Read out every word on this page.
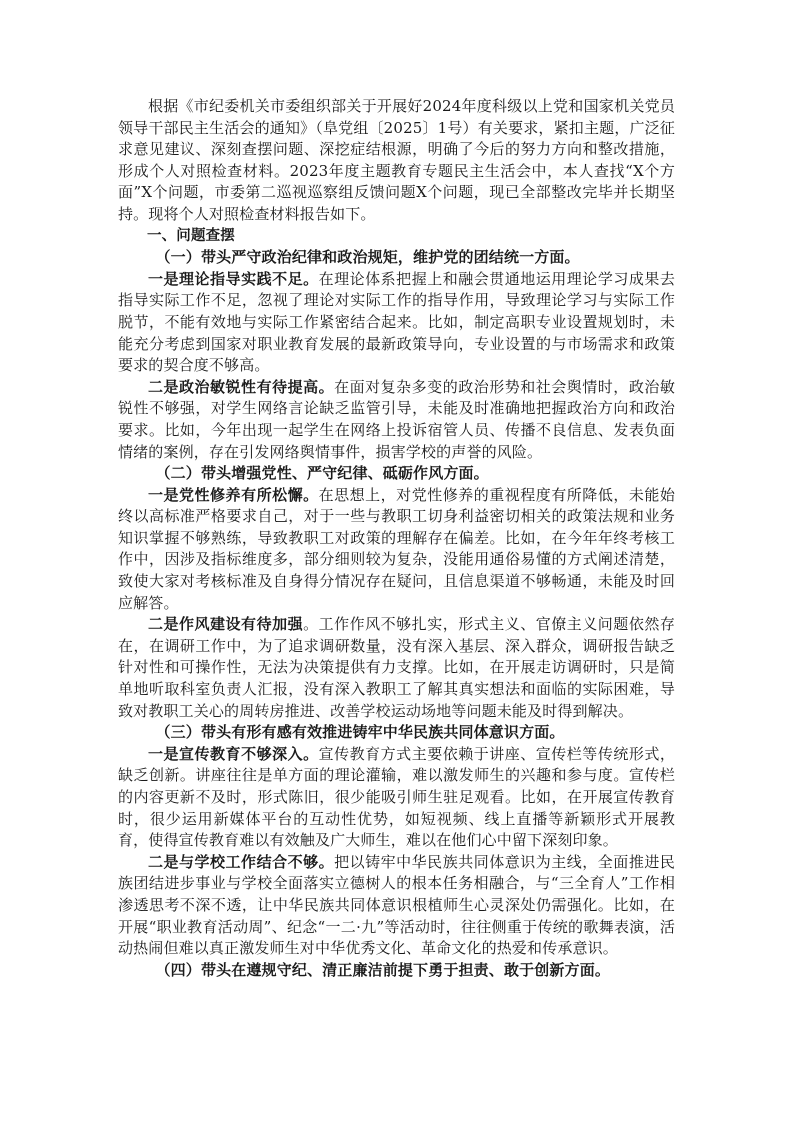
根据《市纪委机关市委组织部关于开展好2024年度科级以上党和国家机关党员领导干部民主生活会的通知》（阜党组〔2025〕1号）有关要求，紧扣主题，广泛征求意见建议、深刻查摆问题、深挖症结根源，明确了今后的努力方向和整改措施，形成个人对照检查材料。2023年度主题教育专题民主生活会中，本人查找“X个方面”X个问题，市委第二巡视巡察组反馈问题X个问题，现已全部整改完毕并长期坚持。现将个人对照检查材料报告如下。

一、问题查摆

（一）带头严守政治纪律和政治规矩，维护党的团结统一方面。

一是理论指导实践不足。在理论体系把握上和融会贯通地运用理论学习成果去指导实际工作不足，忽视了理论对实际工作的指导作用，导致理论学习与实际工作脱节，不能有效地与实际工作紧密结合起来。比如，制定高职专业设置规划时，未能充分考虑到国家对职业教育发展的最新政策导向，专业设置的与市场需求和政策要求的契合度不够高。

二是政治敏锐性有待提高。在面对复杂多变的政治形势和社会舆情时，政治敏锐性不够强，对学生网络言论缺乏监管引导，未能及时准确地把握政治方向和政治要求。比如，今年出现一起学生在网络上投诉宿管人员、传播不良信息、发表负面情绪的案例，存在引发网络舆情事件，损害学校的声誉的风险。

（二）带头增强党性、严守纪律、砥砺作风方面。

一是党性修养有所松懈。在思想上，对党性修养的重视程度有所降低，未能始终以高标准严格要求自己，对于一些与教职工切身利益密切相关的政策法规和业务知识掌握不够熟练，导致教职工对政策的理解存在偏差。比如，在今年年终考核工作中，因涉及指标维度多，部分细则较为复杂，没能用通俗易懂的方式阐述清楚，致使大家对考核标准及自身得分情况存在疑问，且信息渠道不够畅通，未能及时回应解答。

二是作风建设有待加强。工作作风不够扎实，形式主义、官僚主义问题依然存在，在调研工作中，为了追求调研数量，没有深入基层、深入群众，调研报告缺乏针对性和可操作性，无法为决策提供有力支撑。比如，在开展走访调研时，只是简单地听取科室负责人汇报，没有深入教职工了解其真实想法和面临的实际困难，导致对教职工关心的周转房推进、改善学校运动场地等问题未能及时得到解决。

（三）带头有形有感有效推进铸牢中华民族共同体意识方面。

一是宣传教育不够深入。宣传教育方式主要依赖于讲座、宣传栏等传统形式，缺乏创新。讲座往往是单方面的理论灌输，难以激发师生的兴趣和参与度。宣传栏的内容更新不及时，形式陈旧，很少能吸引师生驻足观看。比如，在开展宣传教育时，很少运用新媒体平台的互动性优势，如短视频、线上直播等新颖形式开展教育，使得宣传教育难以有效触及广大师生，难以在他们心中留下深刻印象。

二是与学校工作结合不够。把以铸牢中华民族共同体意识为主线，全面推进民族团结进步事业与学校全面落实立德树人的根本任务相融合，与“三全育人”工作相渗透思考不深不透，让中华民族共同体意识根植师生心灵深处仍需强化。比如，在开展“职业教育活动周”、纪念“一二·九”等活动时，往往侧重于传统的歌舞表演，活动热闹但难以真正激发师生对中华优秀文化、革命文化的热爱和传承意识。

（四）带头在遵规守纪、清正廉洁前提下勇于担责、敢于创新方面。
